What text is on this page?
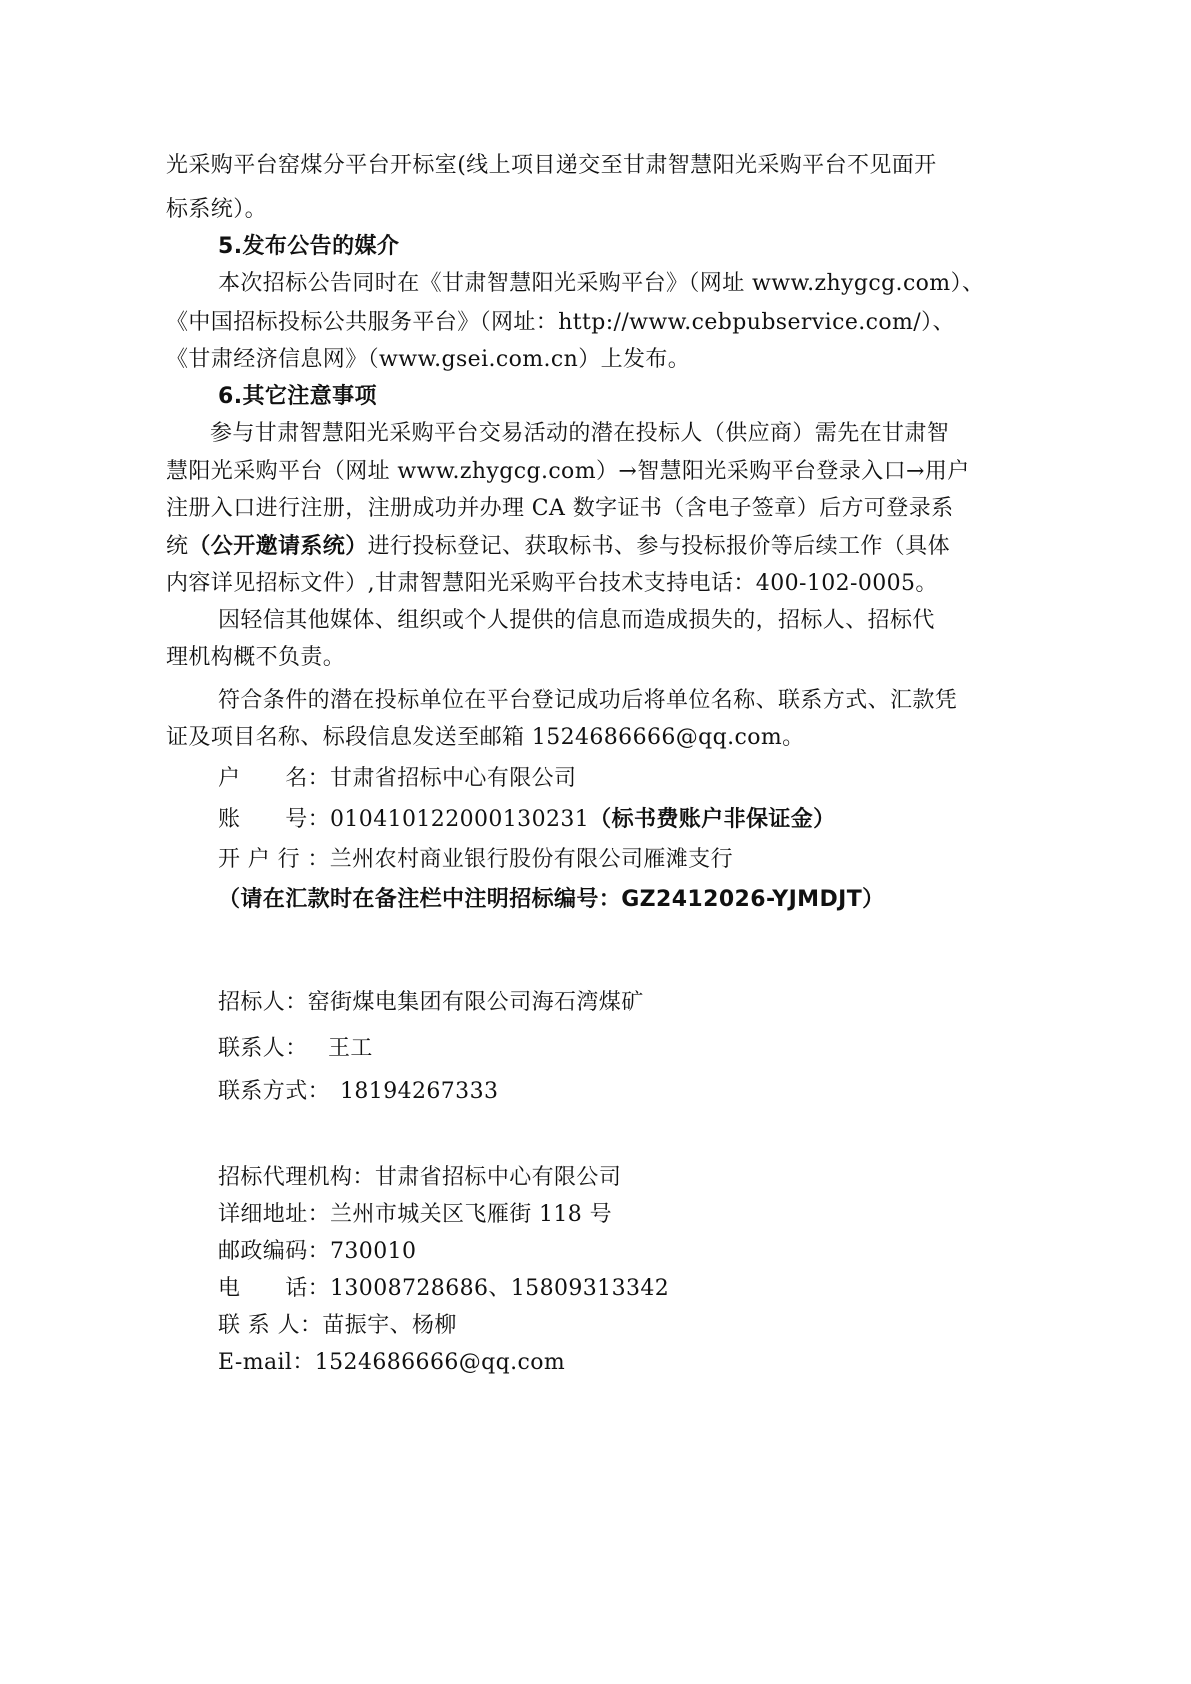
光采购平台窑煤分平台开标室(线上项目递交至甘肃智慧阳光采购平台不见面开
标系统）。
5.发布公告的媒介
本次招标公告同时在《甘肃智慧阳光采购平台》（网址 www.zhygcg.com）、
《中国招标投标公共服务平台》（网址：http://www.cebpubservice.com/）、
《甘肃经济信息网》（www.gsei.com.cn）上发布。
6.其它注意事项
参与甘肃智慧阳光采购平台交易活动的潜在投标人（供应商）需先在甘肃智
慧阳光采购平台（网址 www.zhygcg.com）→智慧阳光采购平台登录入口→用户
注册入口进行注册，注册成功并办理 CA 数字证书（含电子签章）后方可登录系
统（公开邀请系统）进行投标登记、获取标书、参与投标报价等后续工作（具体
内容详见招标文件）,甘肃智慧阳光采购平台技术支持电话：400-102-0005。
因轻信其他媒体、组织或个人提供的信息而造成损失的，招标人、招标代
理机构概不负责。
符合条件的潜在投标单位在平台登记成功后将单位名称、联系方式、汇款凭
证及项目名称、标段信息发送至邮箱 1524686666@qq.com。
户　　名：甘肃省招标中心有限公司
账　　号：010410122000130231（标书费账户非保证金）
开 户 行 ：兰州农村商业银行股份有限公司雁滩支行
（请在汇款时在备注栏中注明招标编号：GZ2412026-YJMDJT）
招标人：窑街煤电集团有限公司海石湾煤矿
联系人： 王工
联系方式： 18194267333
招标代理机构：甘肃省招标中心有限公司
详细地址：兰州市城关区飞雁街 118 号
邮政编码：730010
电　　话：13008728686、15809313342
联 系 人：苗振宇、杨柳
E-mail：1524686666@qq.com
